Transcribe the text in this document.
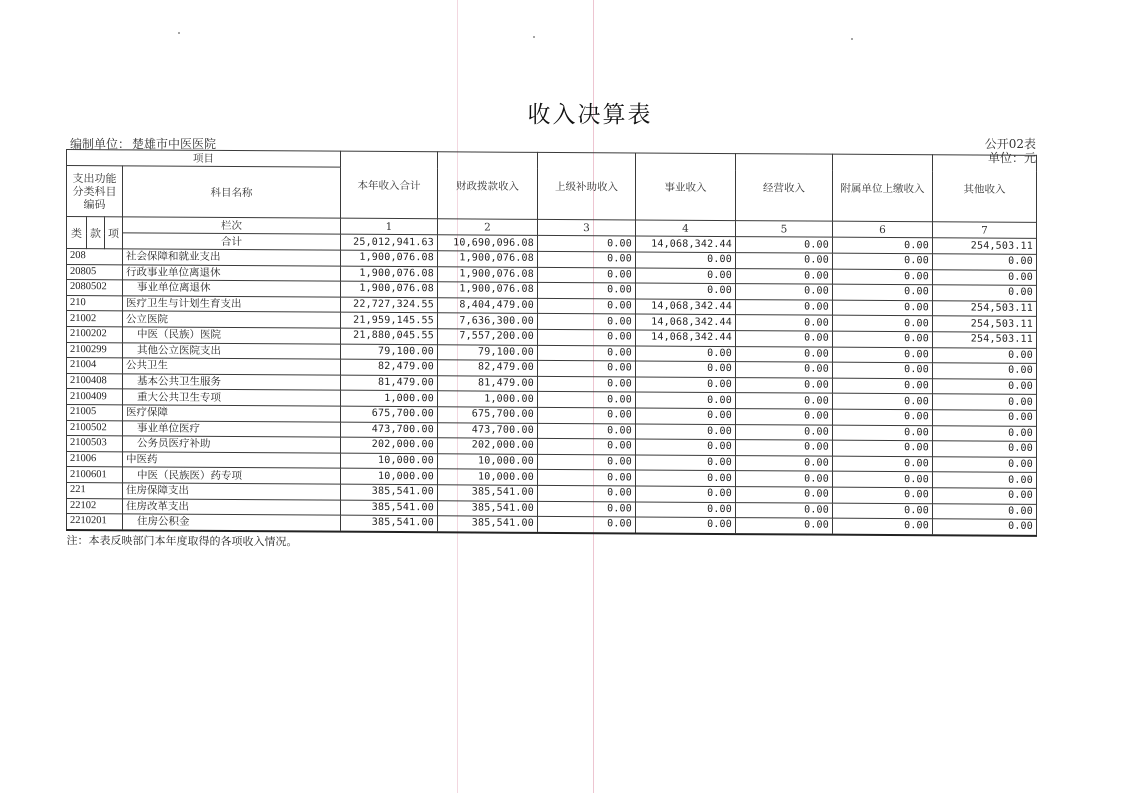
收入决算表
编制单位： 楚雄市中医医院	公开02表
单位：元
项目				本年收入合计	财政拨款收入	上级补助收入	事业收入	经营收入	附属单位上缴收入	其他收入
支出功能分类科目编码			科目名称							
类	款	项	栏次	1	2	3	4	5	6	7
			合计	25,012,941.63	10,690,096.08	0.00	14,068,342.44	0.00	0.00	254,503.11
208			社会保障和就业支出	1,900,076.08	1,900,076.08	0.00	0.00	0.00	0.00	0.00
20805			行政事业单位离退休	1,900,076.08	1,900,076.08	0.00	0.00	0.00	0.00	0.00
2080502			事业单位离退休	1,900,076.08	1,900,076.08	0.00	0.00	0.00	0.00	0.00
210			医疗卫生与计划生育支出	22,727,324.55	8,404,479.00	0.00	14,068,342.44	0.00	0.00	254,503.11
21002			公立医院	21,959,145.55	7,636,300.00	0.00	14,068,342.44	0.00	0.00	254,503.11
2100202			中医（民族）医院	21,880,045.55	7,557,200.00	0.00	14,068,342.44	0.00	0.00	254,503.11
2100299			其他公立医院支出	79,100.00	79,100.00	0.00	0.00	0.00	0.00	0.00
21004			公共卫生	82,479.00	82,479.00	0.00	0.00	0.00	0.00	0.00
2100408			基本公共卫生服务	81,479.00	81,479.00	0.00	0.00	0.00	0.00	0.00
2100409			重大公共卫生专项	1,000.00	1,000.00	0.00	0.00	0.00	0.00	0.00
21005			医疗保障	675,700.00	675,700.00	0.00	0.00	0.00	0.00	0.00
2100502			事业单位医疗	473,700.00	473,700.00	0.00	0.00	0.00	0.00	0.00
2100503			公务员医疗补助	202,000.00	202,000.00	0.00	0.00	0.00	0.00	0.00
21006			中医药	10,000.00	10,000.00	0.00	0.00	0.00	0.00	0.00
2100601			中医（民族医）药专项	10,000.00	10,000.00	0.00	0.00	0.00	0.00	0.00
221			住房保障支出	385,541.00	385,541.00	0.00	0.00	0.00	0.00	0.00
22102			住房改革支出	385,541.00	385,541.00	0.00	0.00	0.00	0.00	0.00
2210201			住房公积金	385,541.00	385,541.00	0.00	0.00	0.00	0.00	0.00
注：本表反映部门本年度取得的各项收入情况。										
